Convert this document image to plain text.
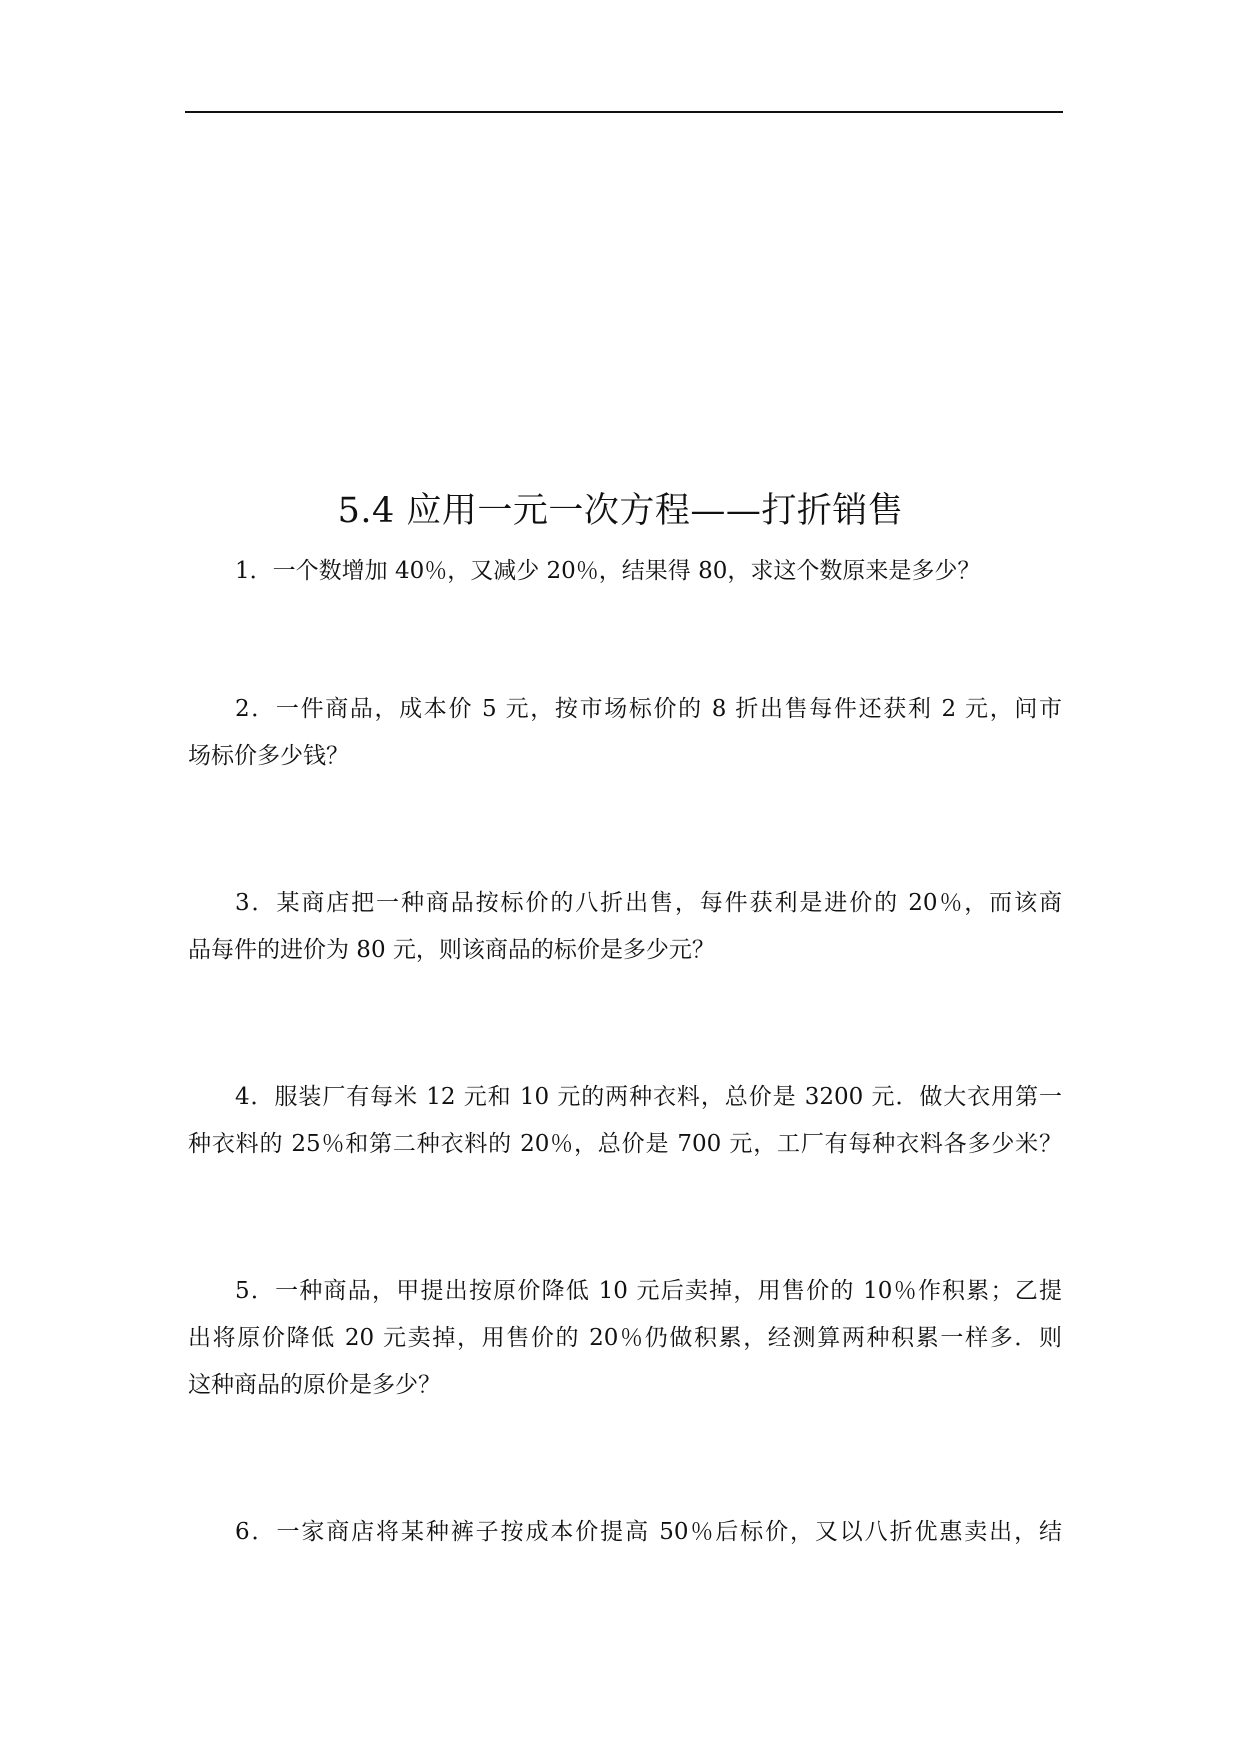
5.4 应用一元一次方程——打折销售
1．一个数增加 40％，又减少 20％，结果得 80，求这个数原来是多少？
2．一件商品，成本价 5 元，按市场标价的 8 折出售每件还获利 2 元，问市
场标价多少钱？
3．某商店把一种商品按标价的八折出售，每件获利是进价的 20％，而该商
品每件的进价为 80 元，则该商品的标价是多少元？
4．服装厂有每米 12 元和 10 元的两种衣料，总价是 3200 元．做大衣用第一
种衣料的 25％和第二种衣料的 20％，总价是 700 元，工厂有每种衣料各多少米？
5．一种商品，甲提出按原价降低 10 元后卖掉，用售价的 10％作积累；乙提
出将原价降低 20 元卖掉，用售价的 20％仍做积累，经测算两种积累一样多．则
这种商品的原价是多少？
6．一家商店将某种裤子按成本价提高 50％后标价，又以八折优惠卖出，结
